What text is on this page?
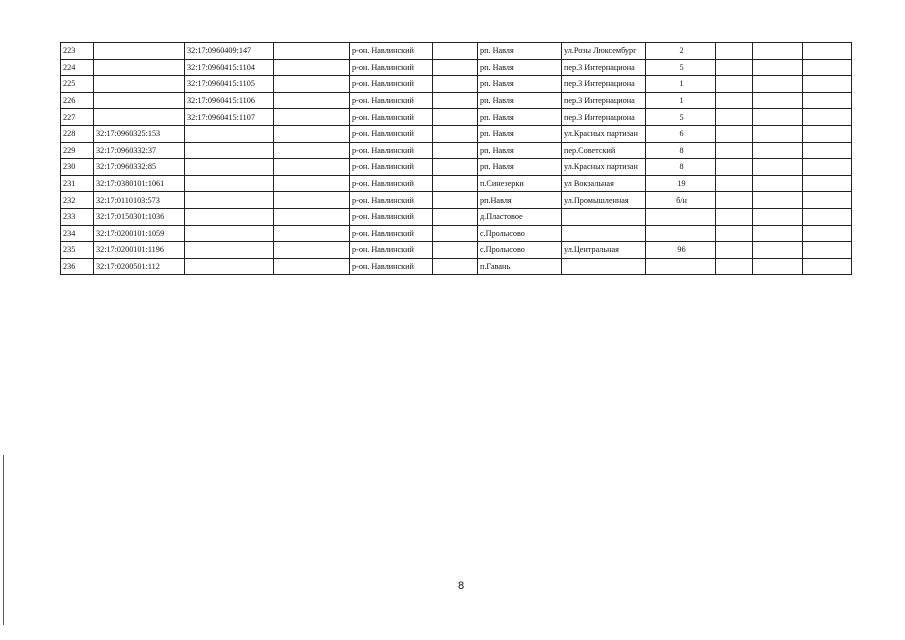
223		32:17:0960409:147		р-он. Навлинский		рп. Навля	ул.Розы Люксембург	2			
224		32:17:0960415:1104		р-он. Навлинский		рп. Навля	пер.3 Интернациона	5			
225		32:17:0960415:1105		р-он. Навлинский		рп. Навля	пер.3 Интернациона	1			
226		32:17:0960415:1106		р-он. Навлинский		рп. Навля	пер.3 Интернациона	1			
227		32:17:0960415:1107		р-он. Навлинский		рп. Навля	пер.3 Интернациона	5			
228	32:17:0960325:153			р-он. Навлинский		рп. Навля	ул.Красных партизан	6			
229	32:17:0960332:37			р-он. Навлинский		рп. Навля	пер.Советский	8			
230	32:17:0960332:85			р-он. Навлинский		рп. Навля	ул.Красных партизан	8			
231	32:17:0380101:1061			р-он. Навлинский		п.Синезерки	ул Вокзальная	19			
232	32:17:0110103:573			р-он. Навлинский		рп.Навля	ул.Промышленная	б/н			
233	32:17:0150301:1036			р-он. Навлинский		д.Пластовое					
234	32:17:0200101:1059			р-он. Навлинский		с.Пролысово					
235	32:17:0200101:1196			р-он. Навлинский		с.Пролысово	ул.Центральная	96			
236	32:17:0200501:112			р-он. Навлинский		п.Гавань					
8
